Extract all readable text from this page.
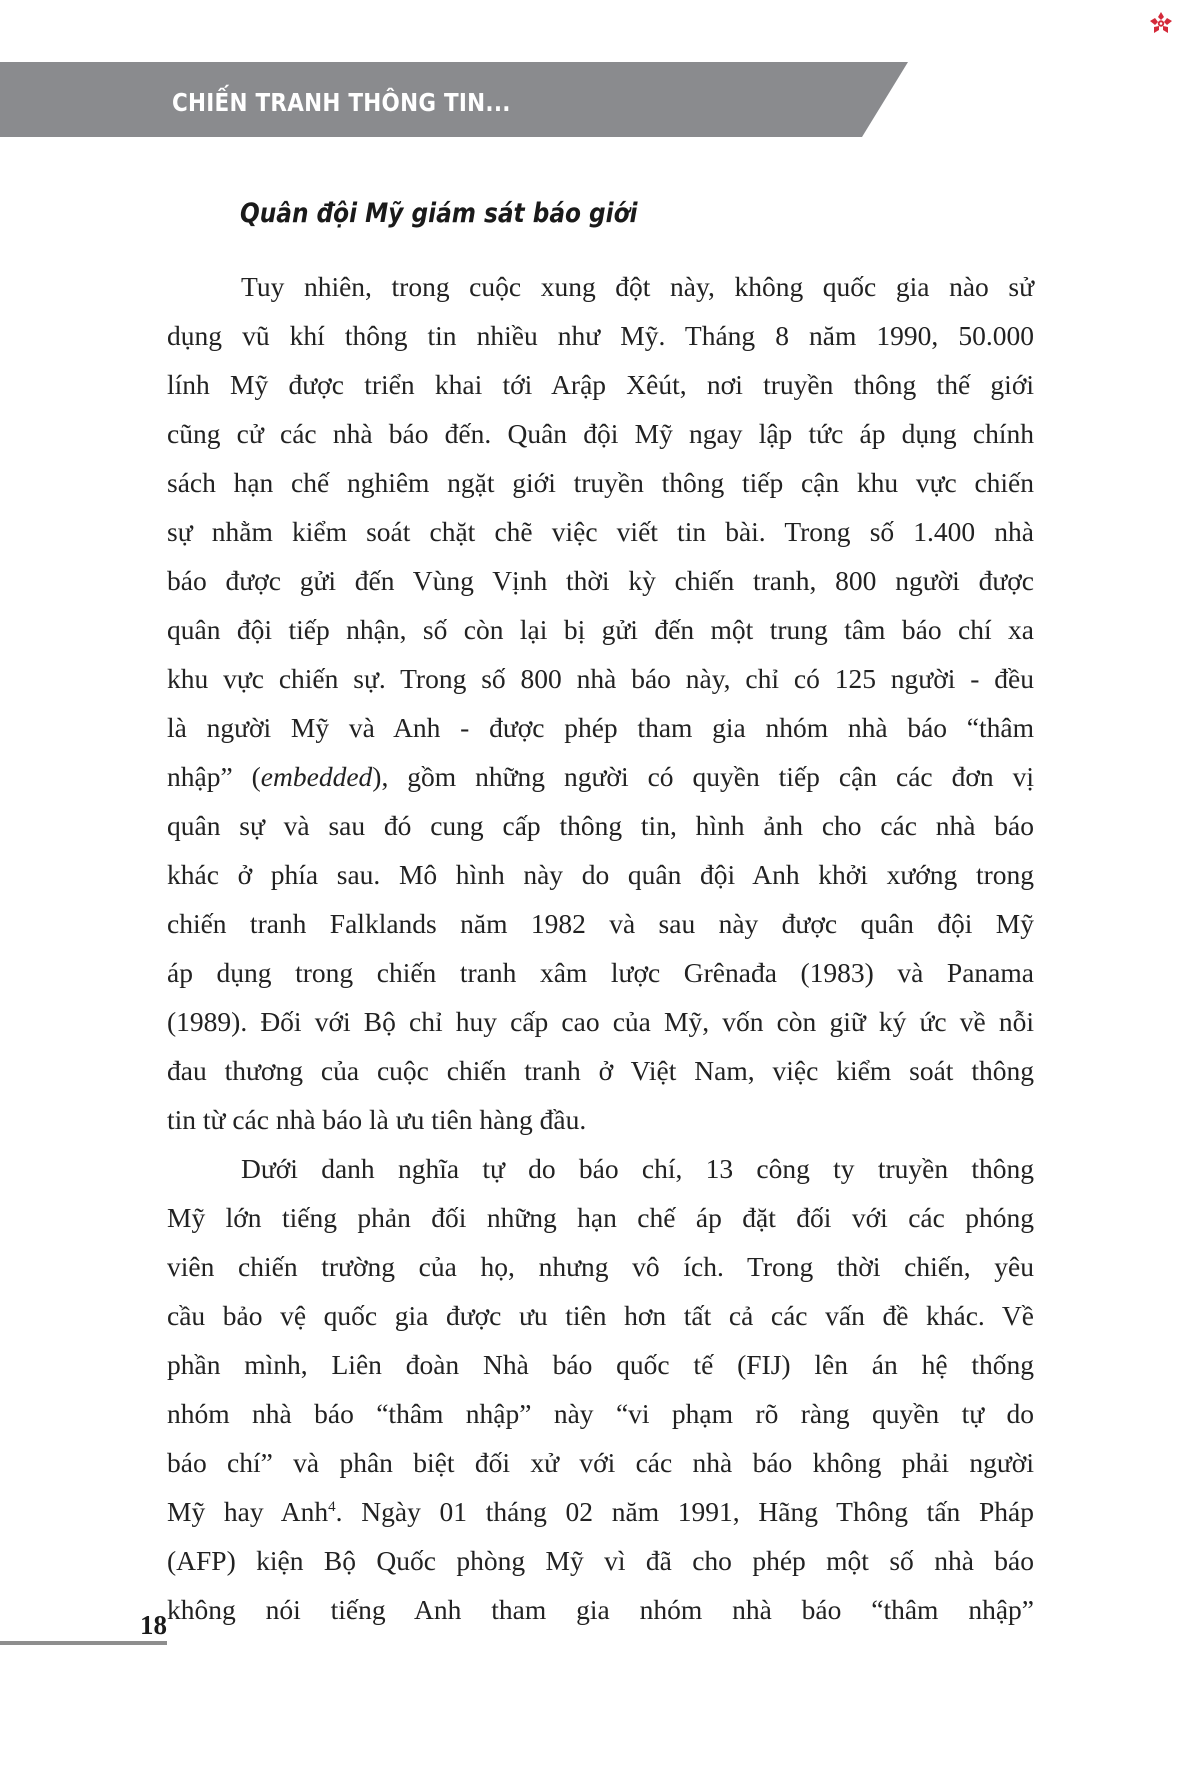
CHIẾN TRANH THÔNG TIN...
Quân đội Mỹ giám sát báo giới
Tuy nhiên, trong cuộc xung đột này, không quốc gia nào sử
dụng vũ khí thông tin nhiều như Mỹ. Tháng 8 năm 1990, 50.000
lính Mỹ được triển khai tới Arập Xêút, nơi truyền thông thế giới
cũng cử các nhà báo đến. Quân đội Mỹ ngay lập tức áp dụng chính
sách hạn chế nghiêm ngặt giới truyền thông tiếp cận khu vực chiến
sự nhằm kiểm soát chặt chẽ việc viết tin bài. Trong số 1.400 nhà
báo được gửi đến Vùng Vịnh thời kỳ chiến tranh, 800 người được
quân đội tiếp nhận, số còn lại bị gửi đến một trung tâm báo chí xa
khu vực chiến sự. Trong số 800 nhà báo này, chỉ có 125 người - đều
là người Mỹ và Anh - được phép tham gia nhóm nhà báo “thâm
nhập” (embedded), gồm những người có quyền tiếp cận các đơn vị
quân sự và sau đó cung cấp thông tin, hình ảnh cho các nhà báo
khác ở phía sau. Mô hình này do quân đội Anh khởi xướng trong
chiến tranh Falklands năm 1982 và sau này được quân đội Mỹ
áp dụng trong chiến tranh xâm lược Grênađa (1983) và Panama
(1989). Đối với Bộ chỉ huy cấp cao của Mỹ, vốn còn giữ ký ức về nỗi
đau thương của cuộc chiến tranh ở Việt Nam, việc kiểm soát thông
tin từ các nhà báo là ưu tiên hàng đầu.
Dưới danh nghĩa tự do báo chí, 13 công ty truyền thông
Mỹ lớn tiếng phản đối những hạn chế áp đặt đối với các phóng
viên chiến trường của họ, nhưng vô ích. Trong thời chiến, yêu
cầu bảo vệ quốc gia được ưu tiên hơn tất cả các vấn đề khác. Về
phần mình, Liên đoàn Nhà báo quốc tế (FIJ) lên án hệ thống
nhóm nhà báo “thâm nhập” này “vi phạm rõ ràng quyền tự do
báo chí” và phân biệt đối xử với các nhà báo không phải người
Mỹ hay Anh$^4$. Ngày 01 tháng 02 năm 1991, Hãng Thông tấn Pháp
(AFP) kiện Bộ Quốc phòng Mỹ vì đã cho phép một số nhà báo
không nói tiếng Anh tham gia nhóm nhà báo “thâm nhập”
18
